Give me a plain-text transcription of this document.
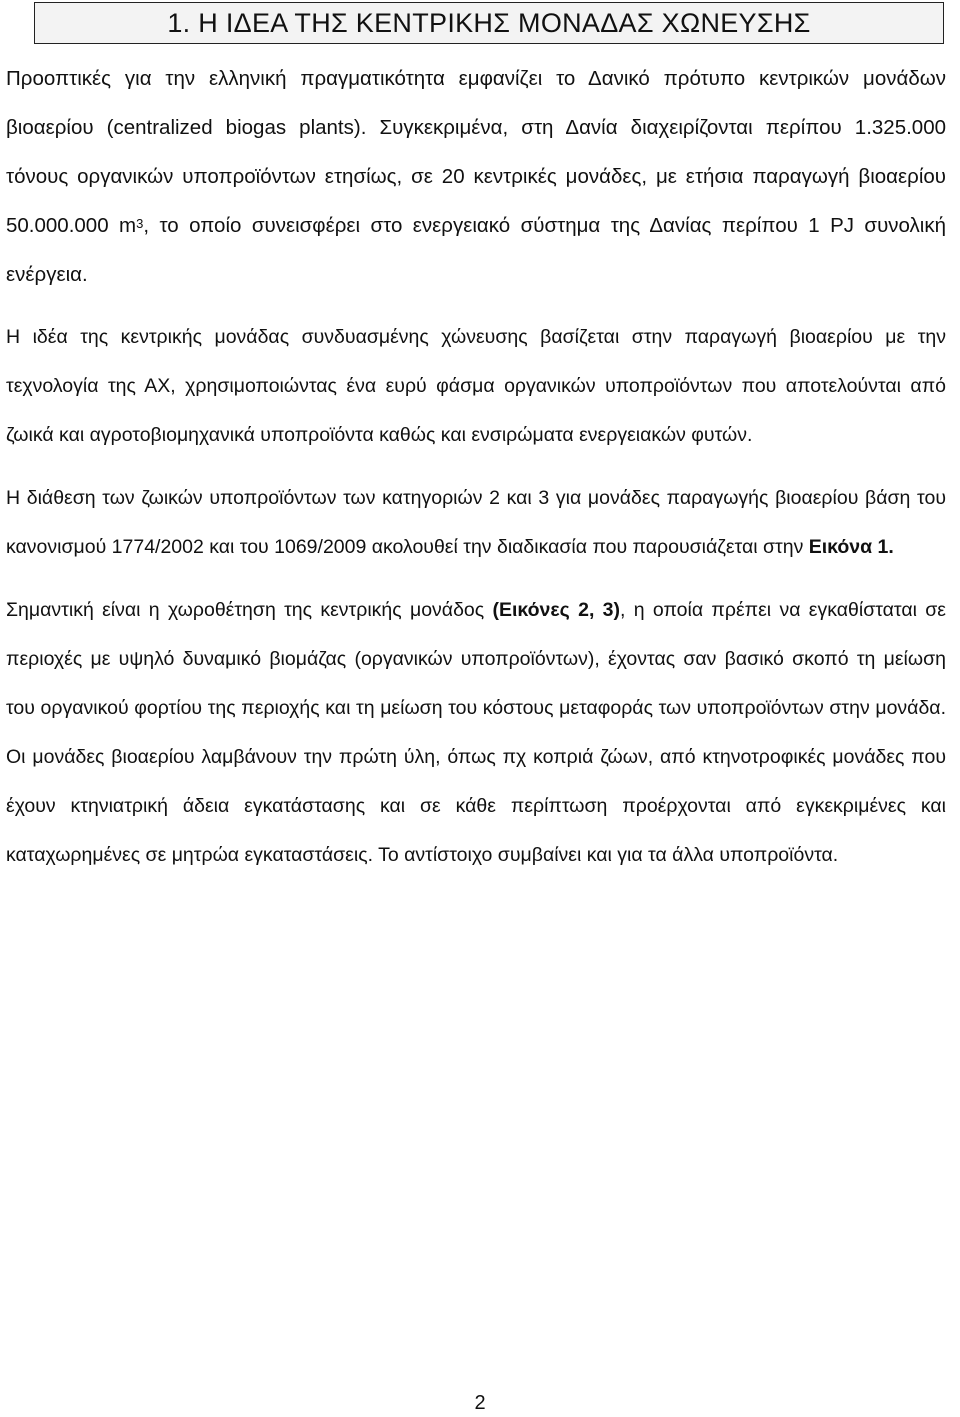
1. Η ΙΔΕΑ ΤΗΣ ΚΕΝΤΡΙΚΗΣ ΜΟΝΑΔΑΣ ΧΩΝΕΥΣΗΣ

Προοπτικές για την ελληνική πραγματικότητα εμφανίζει το Δανικό πρότυπο κεντρικών μονάδων βιοαερίου (centralized biogas plants). Συγκεκριμένα, στη Δανία διαχειρίζονται περίπου 1.325.000 τόνους οργανικών υποπροϊόντων ετησίως, σε 20 κεντρικές μονάδες, με ετήσια παραγωγή βιοαερίου 50.000.000 $m^3$, το οποίο συνεισφέρει στο ενεργειακό σύστημα της Δανίας περίπου 1 PJ συνολική ενέργεια.

Η ιδέα της κεντρικής μονάδας συνδυασμένης χώνευσης βασίζεται στην παραγωγή βιοαερίου με την τεχνολογία της ΑΧ, χρησιμοποιώντας ένα ευρύ φάσμα οργανικών υποπροϊόντων που αποτελούνται από ζωικά και αγροτοβιομηχανικά υποπροϊόντα καθώς και ενσιρώματα ενεργειακών φυτών.

Η διάθεση των ζωικών υποπροϊόντων των κατηγοριών 2 και 3 για μονάδες παραγωγής βιοαερίου βάση του κανονισμού 1774/2002 και του 1069/2009 ακολουθεί την διαδικασία που παρουσιάζεται στην Εικόνα 1.

Σημαντική είναι η χωροθέτηση της κεντρικής μονάδος (Εικόνες 2, 3), η οποία πρέπει να εγκαθίσταται σε περιοχές με υψηλό δυναμικό βιομάζας (οργανικών υποπροϊόντων), έχοντας σαν βασικό σκοπό τη μείωση του οργανικού φορτίου της περιοχής και τη μείωση του κόστους μεταφοράς των υποπροϊόντων στην μονάδα. Οι μονάδες βιοαερίου λαμβάνουν την πρώτη ύλη, όπως πχ κοπριά ζώων, από κτηνοτροφικές μονάδες που έχουν κτηνιατρική άδεια εγκατάστασης και σε κάθε περίπτωση προέρχονται από εγκεκριμένες και καταχωρημένες σε μητρώα εγκαταστάσεις. Το αντίστοιχο συμβαίνει και για τα άλλα υποπροϊόντα.

2
